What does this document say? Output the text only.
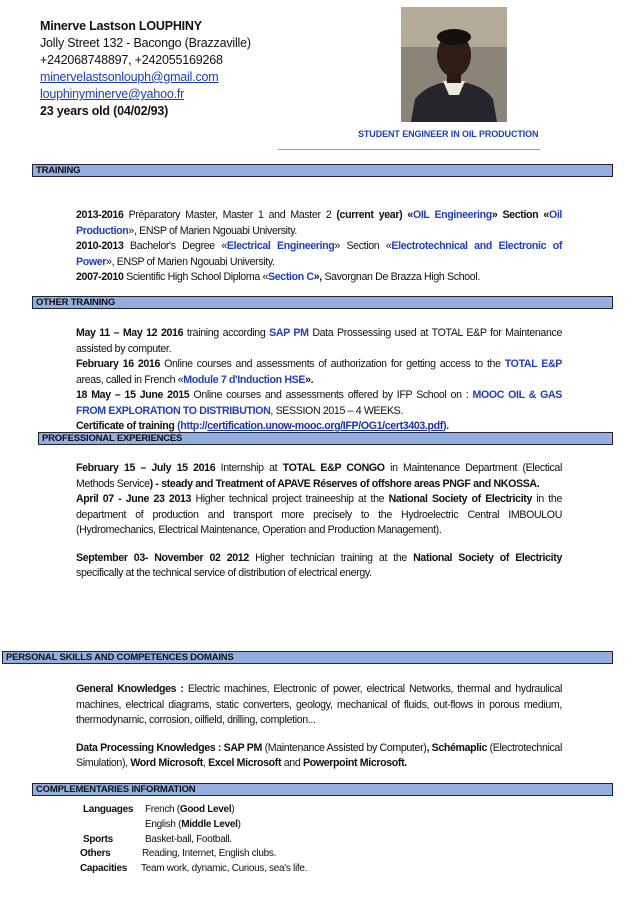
Minerve Lastson LOUPHINY
Jolly Street 132 - Bacongo (Brazzaville)
+242068748897, +242055169268
minervelastsonlouph@gmail.com
louphinyminerve@yahoo.fr
23 years old (04/02/93)
STUDENT ENGINEER IN OIL PRODUCTION
TRAINING
2013-2016 Préparatory Master, Master 1 and Master 2 (current year) «OIL Engineering» Section «Oil Production», ENSP of Marien Ngouabi University.
2010-2013 Bachelor's Degree «Electrical Engineering» Section «Electrotechnical and Electronic of Power», ENSP of Marien Ngouabi University.
2007-2010 Scientific High School Diploma «Section C», Savorgnan De Brazza High School.
OTHER TRAINING
May 11 – May 12 2016 training according SAP PM Data Prossessing used at TOTAL E&P for Maintenance assisted by computer.
February 16 2016 Online courses and assessments of authorization for getting access to the TOTAL E&P areas, called in French «Module 7 d'Induction HSE».
18 May – 15 June 2015 Online courses and assessments offered by IFP School on : MOOC OIL & GAS FROM EXPLORATION TO DISTRIBUTION, SESSION 2015 – 4 WEEKS.
Certificate of training (http://certification.unow-mooc.org/IFP/OG1/cert3403.pdf).
PROFESSIONAL EXPERIENCES
February 15 – July 15 2016 Internship at TOTAL E&P CONGO in Maintenance Department (Electical Methods Service) - steady and Treatment of APAVE Réserves of offshore areas PNGF and NKOSSA.
April 07 - June 23 2013 Higher technical project traineeship at the National Society of Electricity in the department of production and transport more precisely to the Hydroelectric Central IMBOULOU (Hydromechanics, Electrical Maintenance, Operation and Production Management).
September 03- November 02 2012 Higher technician training at the National Society of Electricity specifically at the technical service of distribution of electrical energy.
PERSONAL SKILLS AND COMPETENCES DOMAINS
General Knowledges : Electric machines, Electronic of power, electrical Networks, thermal and hydraulical machines, electrical diagrams, static converters, geology, mechanical of fluids, out-flows in porous medium, thermodynamic, corrosion, oilfield, drilling, completion...
Data Processing Knowledges : SAP PM (Maintenance Assisted by Computer), Schémaplic (Electrotechnical Simulation), Word Microsoft, Excel Microsoft and Powerpoint Microsoft.
COMPLEMENTARIES INFORMATION
Languages French (Good Level)
English (Middle Level)
Sports	Basket-ball, Football.
Others	Reading, Internet, English clubs.
Capacities Team work, dynamic, Curious, sea's life.
